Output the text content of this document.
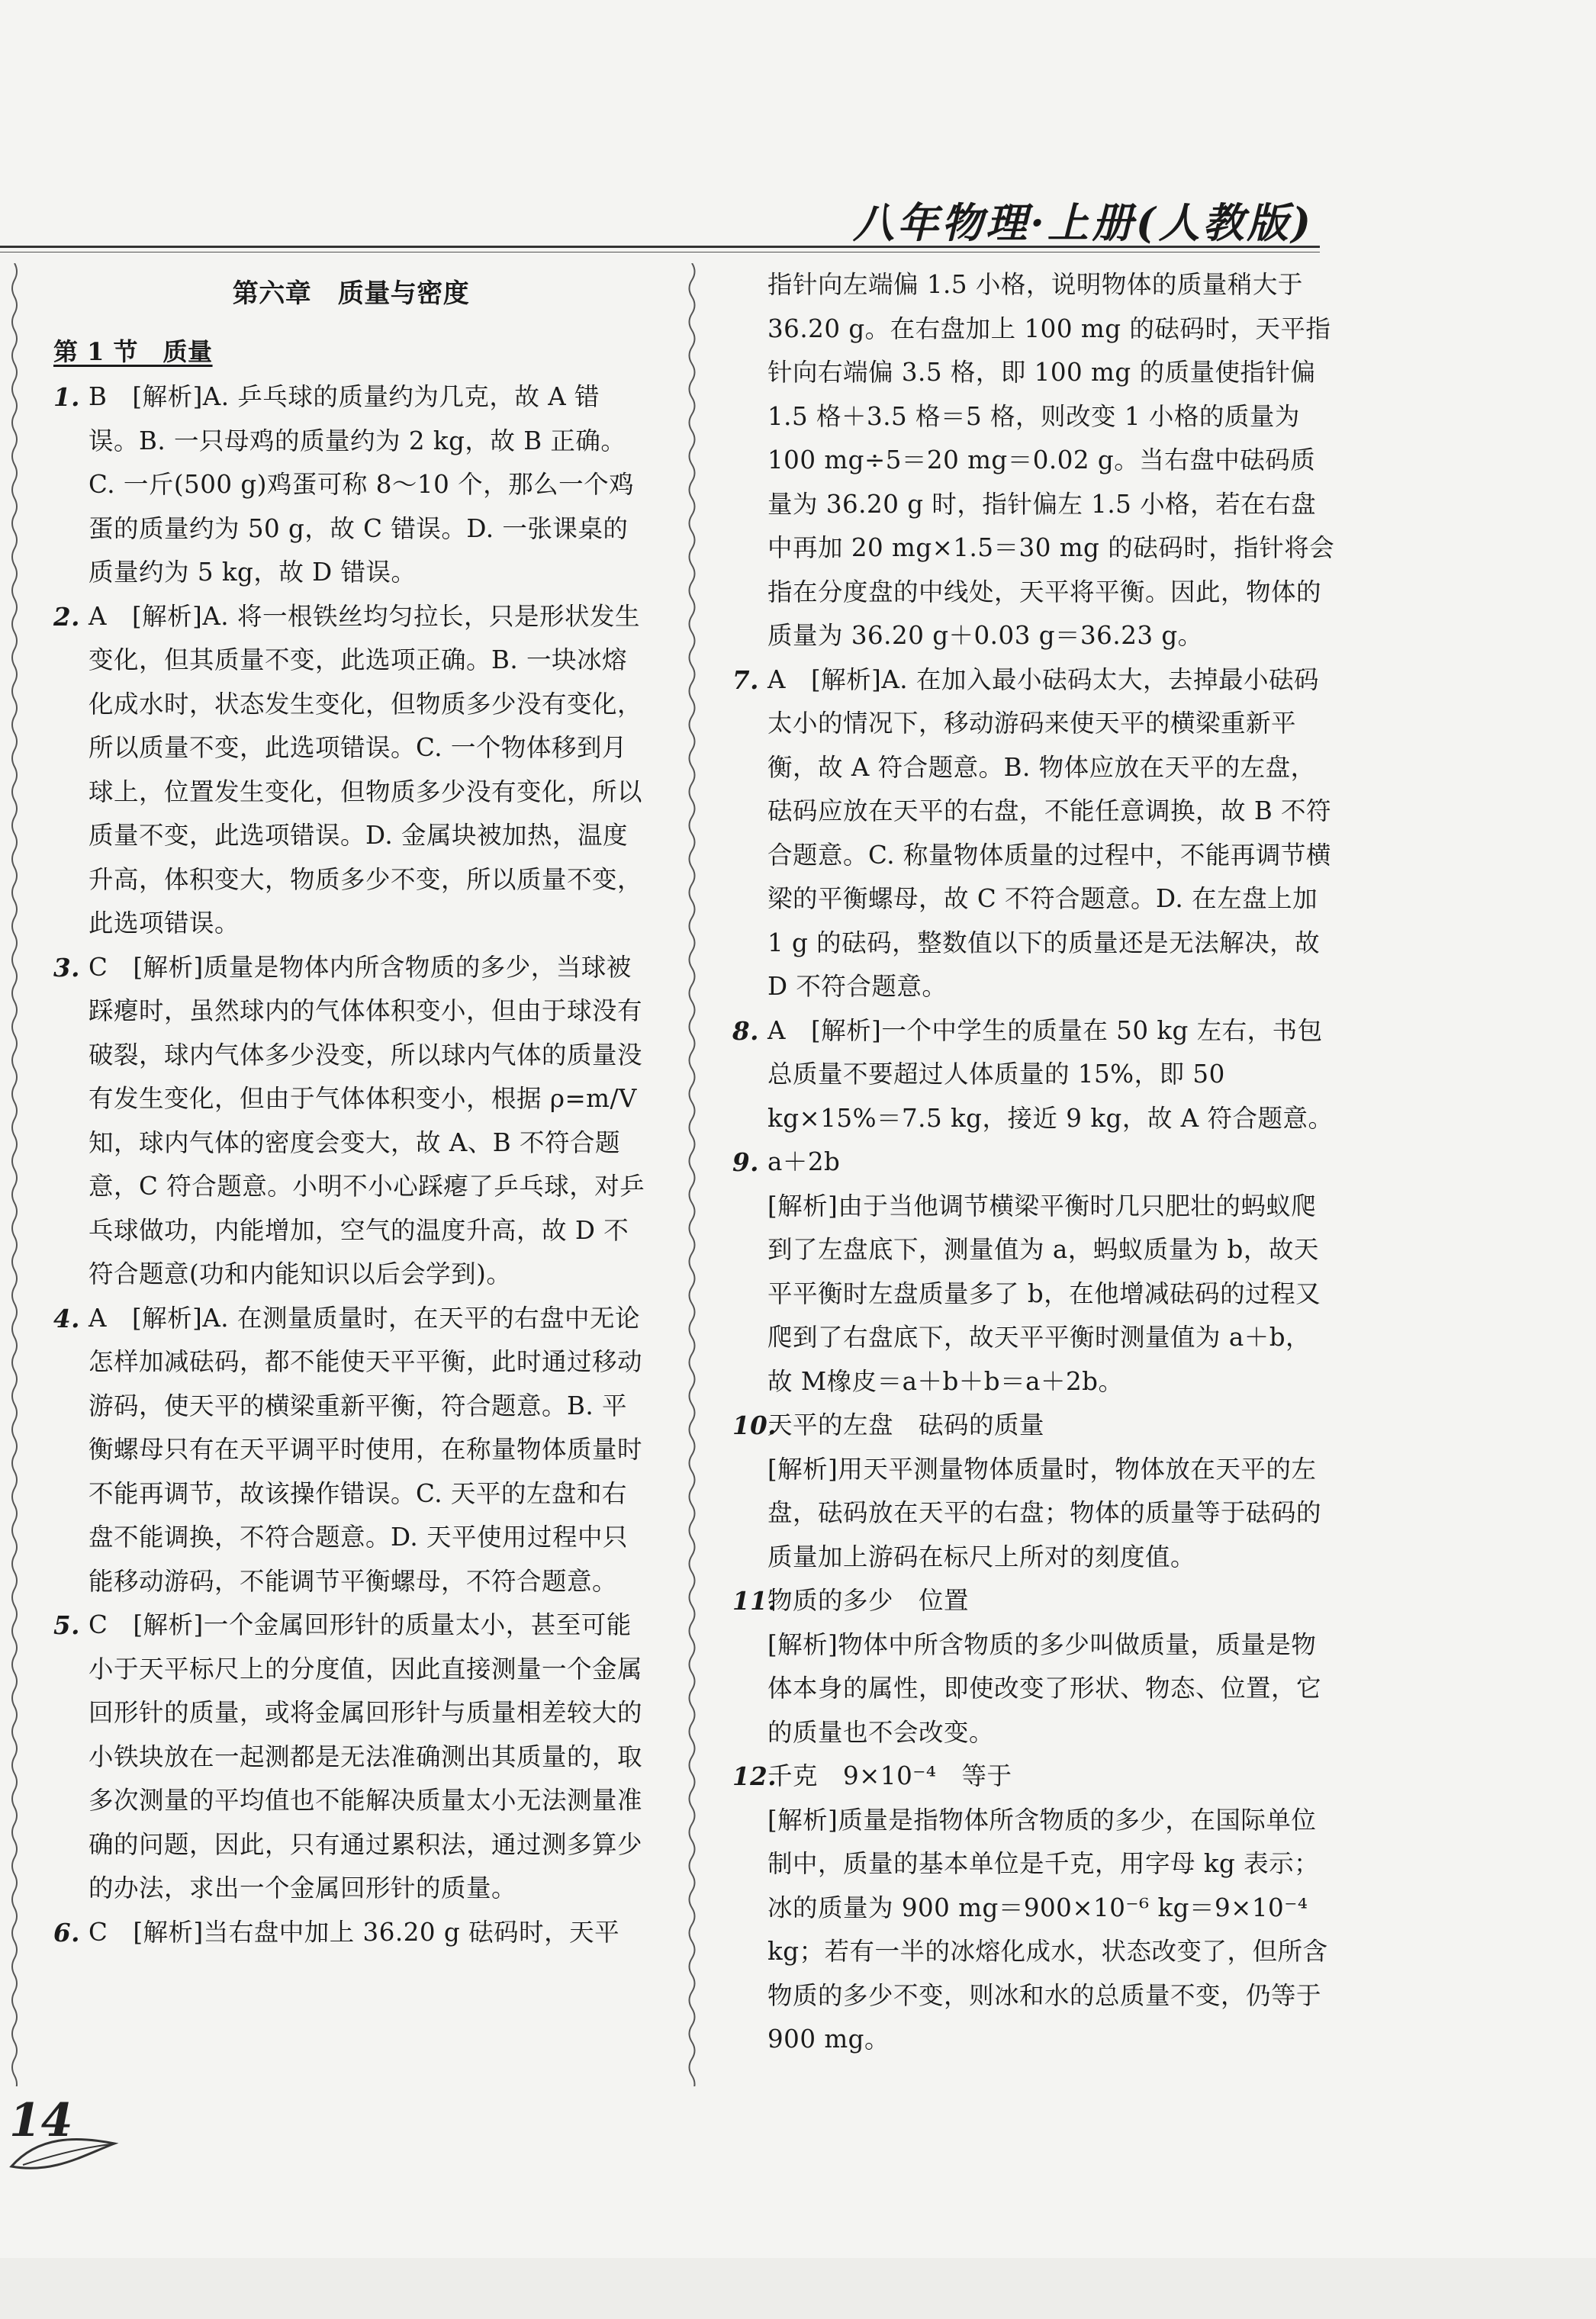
八年物理·上册(人教版)
第六章　质量与密度
第 1 节　质量
1. B　[解析]A. 乒乓球的质量约为几克，故 A 错误。B. 一只母鸡的质量约为 2 kg，故 B 正确。C. 一斤(500 g)鸡蛋可称 8～10 个，那么一个鸡蛋的质量约为 50 g，故 C 错误。D. 一张课桌的质量约为 5 kg，故 D 错误。
2. A　[解析]A. 将一根铁丝均匀拉长，只是形状发生变化，但其质量不变，此选项正确。B. 一块冰熔化成水时，状态发生变化，但物质多少没有变化，所以质量不变，此选项错误。C. 一个物体移到月球上，位置发生变化，但物质多少没有变化，所以质量不变，此选项错误。D. 金属块被加热，温度升高，体积变大，物质多少不变，所以质量不变，此选项错误。
3. C　[解析]质量是物体内所含物质的多少，当球被踩瘪时，虽然球内的气体体积变小，但由于球没有破裂，球内气体多少没变，所以球内气体的质量没有发生变化，但由于气体体积变小，根据 ρ=m/V 知，球内气体的密度会变大，故 A、B 不符合题意，C 符合题意。小明不小心踩瘪了乒乓球，对乒乓球做功，内能增加，空气的温度升高，故 D 不符合题意(功和内能知识以后会学到)。
4. A　[解析]A. 在测量质量时，在天平的右盘中无论怎样加减砝码，都不能使天平平衡，此时通过移动游码，使天平的横梁重新平衡，符合题意。B. 平衡螺母只有在天平调平时使用，在称量物体质量时不能再调节，故该操作错误。C. 天平的左盘和右盘不能调换，不符合题意。D. 天平使用过程中只能移动游码，不能调节平衡螺母，不符合题意。
5. C　[解析]一个金属回形针的质量太小，甚至可能小于天平标尺上的分度值，因此直接测量一个金属回形针的质量，或将金属回形针与质量相差较大的小铁块放在一起测都是无法准确测出其质量的，取多次测量的平均值也不能解决质量太小无法测量准确的问题，因此，只有通过累积法，通过测多算少的办法，求出一个金属回形针的质量。
6. C　[解析]当右盘中加上 36.20 g 砝码时，天平
指针向左端偏 1.5 小格，说明物体的质量稍大于 36.20 g。在右盘加上 100 mg 的砝码时，天平指针向右端偏 3.5 格，即 100 mg 的质量使指针偏 1.5 格＋3.5 格＝5 格，则改变 1 小格的质量为 100 mg÷5＝20 mg＝0.02 g。当右盘中砝码质量为 36.20 g 时，指针偏左 1.5 小格，若在右盘中再加 20 mg×1.5＝30 mg 的砝码时，指针将会指在分度盘的中线处，天平将平衡。因此，物体的质量为 36.20 g＋0.03 g＝36.23 g。
7. A　[解析]A. 在加入最小砝码太大，去掉最小砝码太小的情况下，移动游码来使天平的横梁重新平衡，故 A 符合题意。B. 物体应放在天平的左盘，砝码应放在天平的右盘，不能任意调换，故 B 不符合题意。C. 称量物体质量的过程中，不能再调节横梁的平衡螺母，故 C 不符合题意。D. 在左盘上加 1 g 的砝码，整数值以下的质量还是无法解决，故 D 不符合题意。
8. A　[解析]一个中学生的质量在 50 kg 左右，书包总质量不要超过人体质量的 15%，即 50 kg×15%＝7.5 kg，接近 9 kg，故 A 符合题意。
9. a＋2b
[解析]由于当他调节横梁平衡时几只肥壮的蚂蚁爬到了左盘底下，测量值为 a，蚂蚁质量为 b，故天平平衡时左盘质量多了 b，在他增减砝码的过程又爬到了右盘底下，故天平平衡时测量值为 a＋b，故 M橡皮＝a＋b＋b＝a＋2b。
10.
天平的左盘　砝码的质量
[解析]用天平测量物体质量时，物体放在天平的左盘，砝码放在天平的右盘；物体的质量等于砝码的质量加上游码在标尺上所对的刻度值。
11.
物质的多少　位置
[解析]物体中所含物质的多少叫做质量，质量是物体本身的属性，即使改变了形状、物态、位置，它的质量也不会改变。
12.
千克　9×10⁻⁴　等于
[解析]质量是指物体所含物质的多少，在国际单位制中，质量的基本单位是千克，用字母 kg 表示；冰的质量为 900 mg＝900×10⁻⁶ kg＝9×10⁻⁴ kg；若有一半的冰熔化成水，状态改变了，但所含物质的多少不变，则冰和水的总质量不变，仍等于 900 mg。
14
